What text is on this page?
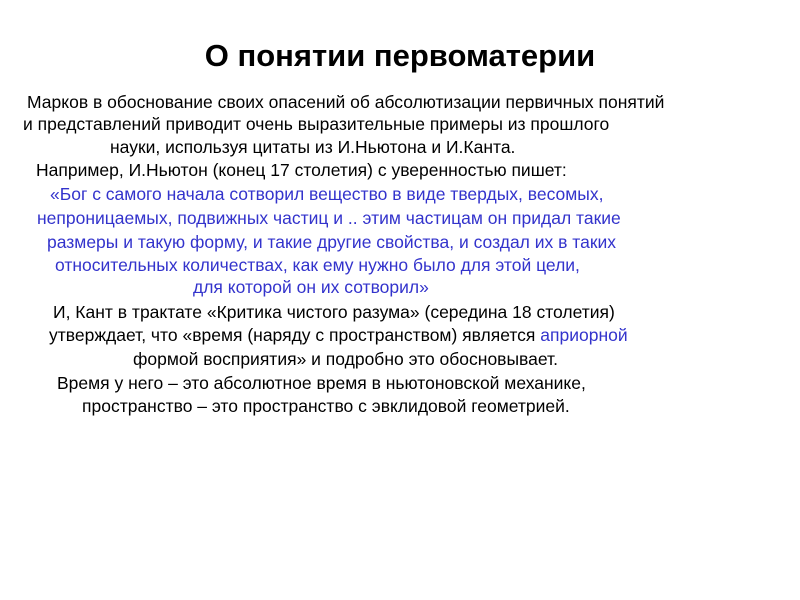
О понятии первоматерии
Марков в обоснование своих опасений об абсолютизации первичных понятий
и представлений приводит очень выразительные примеры из прошлого
науки, используя цитаты из И.Ньютона и И.Канта.
Например, И.Ньютон (конец 17 столетия) с уверенностью пишет:
«Бог с самого начала сотворил вещество в виде твердых, весомых,
непроницаемых, подвижных частиц и .. этим частицам он придал такие
размеры и такую форму, и такие другие свойства, и создал их в таких
относительных количествах, как ему нужно было для этой цели,
для которой он их сотворил»
И, Кант в трактате «Критика чистого разума» (середина 18 столетия)
утверждает, что «время (наряду с пространством) является априорной
формой восприятия» и подробно это обосновывает.
Время у него – это абсолютное время в ньютоновской механике,
пространство – это пространство с эвклидовой геометрией.
